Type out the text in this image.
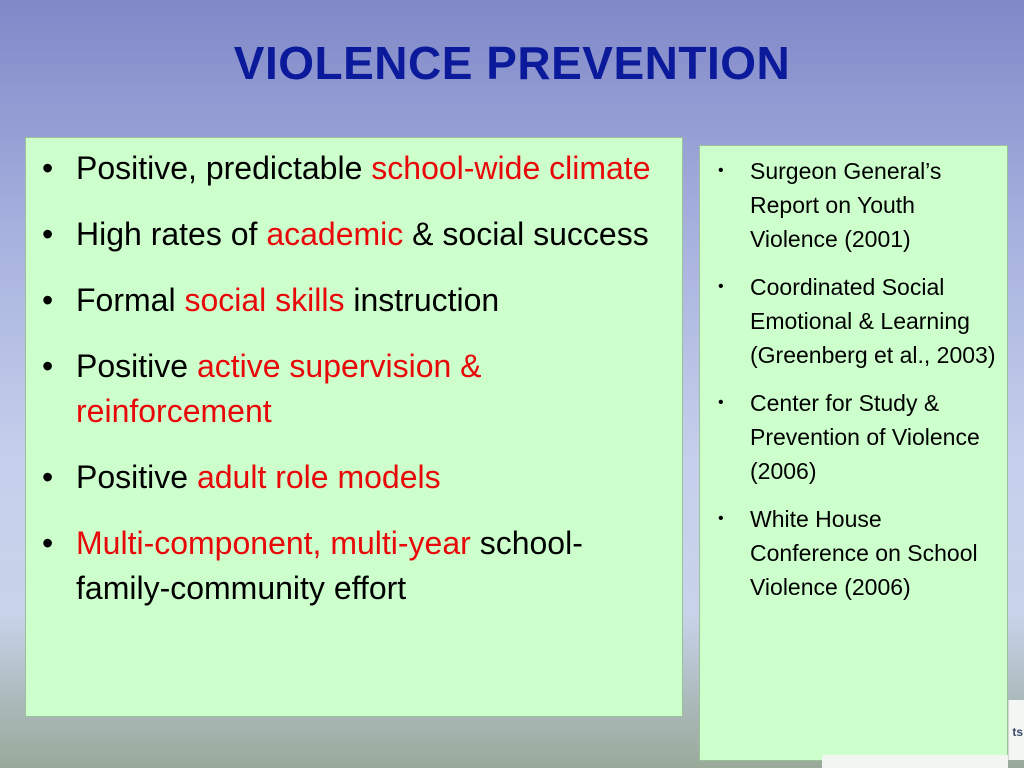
VIOLENCE PREVENTION
• Positive, predictable school-wide climate
• High rates of academic & social success
• Formal social skills instruction
• Positive active supervision & reinforcement
• Positive adult role models
• Multi-component, multi-year school-family-community effort
• Surgeon General’s Report on Youth Violence (2001)
• Coordinated Social Emotional & Learning (Greenberg et al., 2003)
• Center for Study & Prevention of Violence (2006)
• White House Conference on School Violence (2006)
ts
